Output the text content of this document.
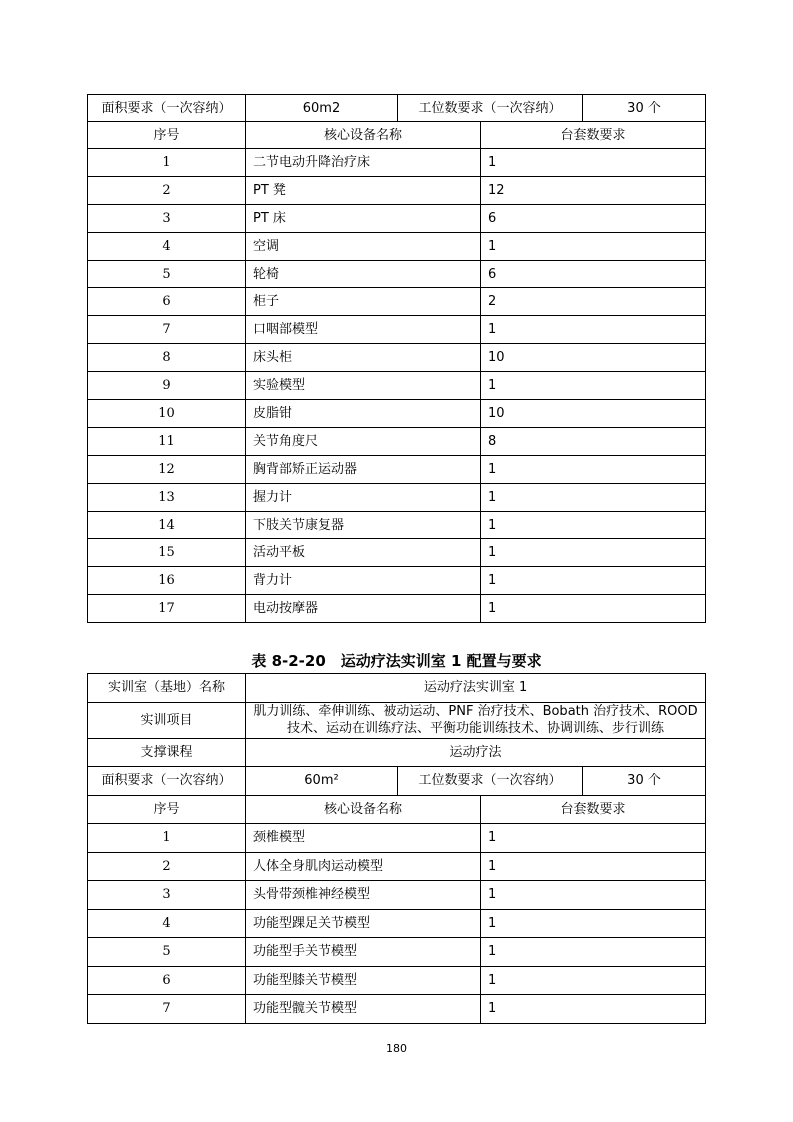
面积要求（一次容纳）	60m2	工位数要求（一次容纳）		30 个
序号	核心设备名称		台套数要求	
1	二节电动升降治疗床		1	
2	PT 凳		12	
3	PT 床		6	
4	空调		1	
5	轮椅		6	
6	柜子		2	
7	口咽部模型		1	
8	床头柜		10	
9	实验模型		1	
10	皮脂钳		10	
11	关节角度尺		8	
12	胸背部矫正运动器		1	
13	握力计		1	
14	下肢关节康复器		1	
15	活动平板		1	
16	背力计		1	
17	电动按摩器		1	
表 8-2-20　运动疗法实训室 1 配置与要求
实训室（基地）名称	运动疗法实训室 1			
实训项目	肌力训练、牵伸训练、被动运动、PNF 治疗技术、Bobath 治疗技术、ROOD
技术、运动在训练疗法、平衡功能训练技术、协调训练、步行训练			

支撑课程	运动疗法			
面积要求（一次容纳）	60m²	工位数要求（一次容纳）		30 个
序号	核心设备名称		台套数要求	
1	颈椎模型		1	
2	人体全身肌肉运动模型		1	
3	头骨带颈椎神经模型		1	
4	功能型踝足关节模型		1	
5	功能型手关节模型		1	
6	功能型膝关节模型		1	
7	功能型髋关节模型		1	
180
